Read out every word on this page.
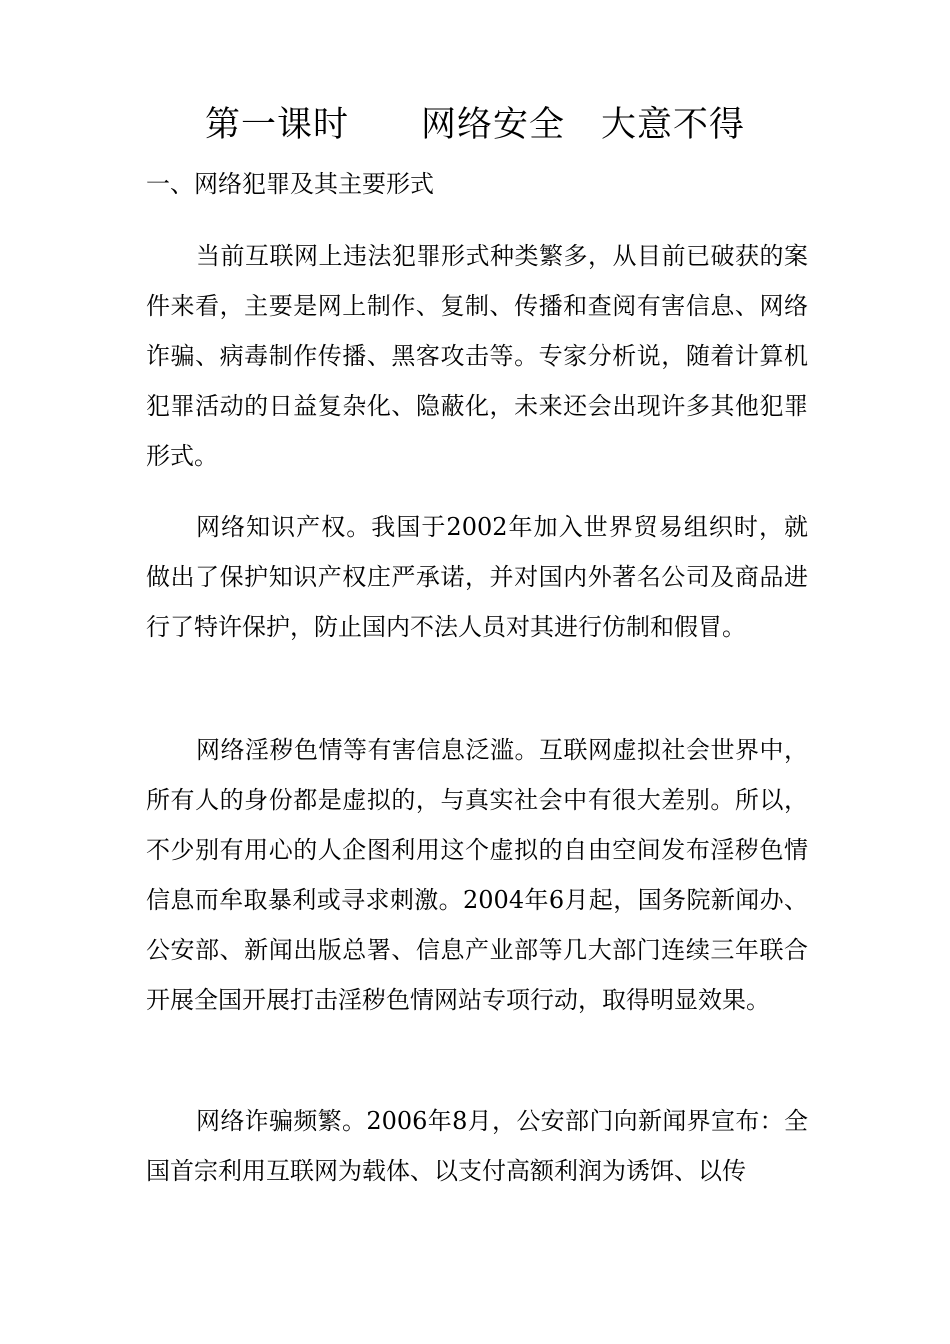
第一课时　　网络安全　大意不得
一、网络犯罪及其主要形式

当前互联网上违法犯罪形式种类繁多，从目前已破获的案件来看，主要是网上制作、复制、传播和查阅有害信息、网络诈骗、病毒制作传播、黑客攻击等。专家分析说，随着计算机犯罪活动的日益复杂化、隐蔽化，未来还会出现许多其他犯罪形式。

网络知识产权。我国于2002年加入世界贸易组织时，就做出了保护知识产权庄严承诺，并对国内外著名公司及商品进行了特许保护，防止国内不法人员对其进行仿制和假冒。

网络淫秽色情等有害信息泛滥。互联网虚拟社会世界中，所有人的身份都是虚拟的，与真实社会中有很大差别。所以，不少别有用心的人企图利用这个虚拟的自由空间发布淫秽色情信息而牟取暴利或寻求刺激。2004年6月起，国务院新闻办、公安部、新闻出版总署、信息产业部等几大部门连续三年联合开展全国开展打击淫秽色情网站专项行动，取得明显效果。

网络诈骗频繁。2006年8月，公安部门向新闻界宣布：全国首宗利用互联网为载体、以支付高额利润为诱饵、以传
